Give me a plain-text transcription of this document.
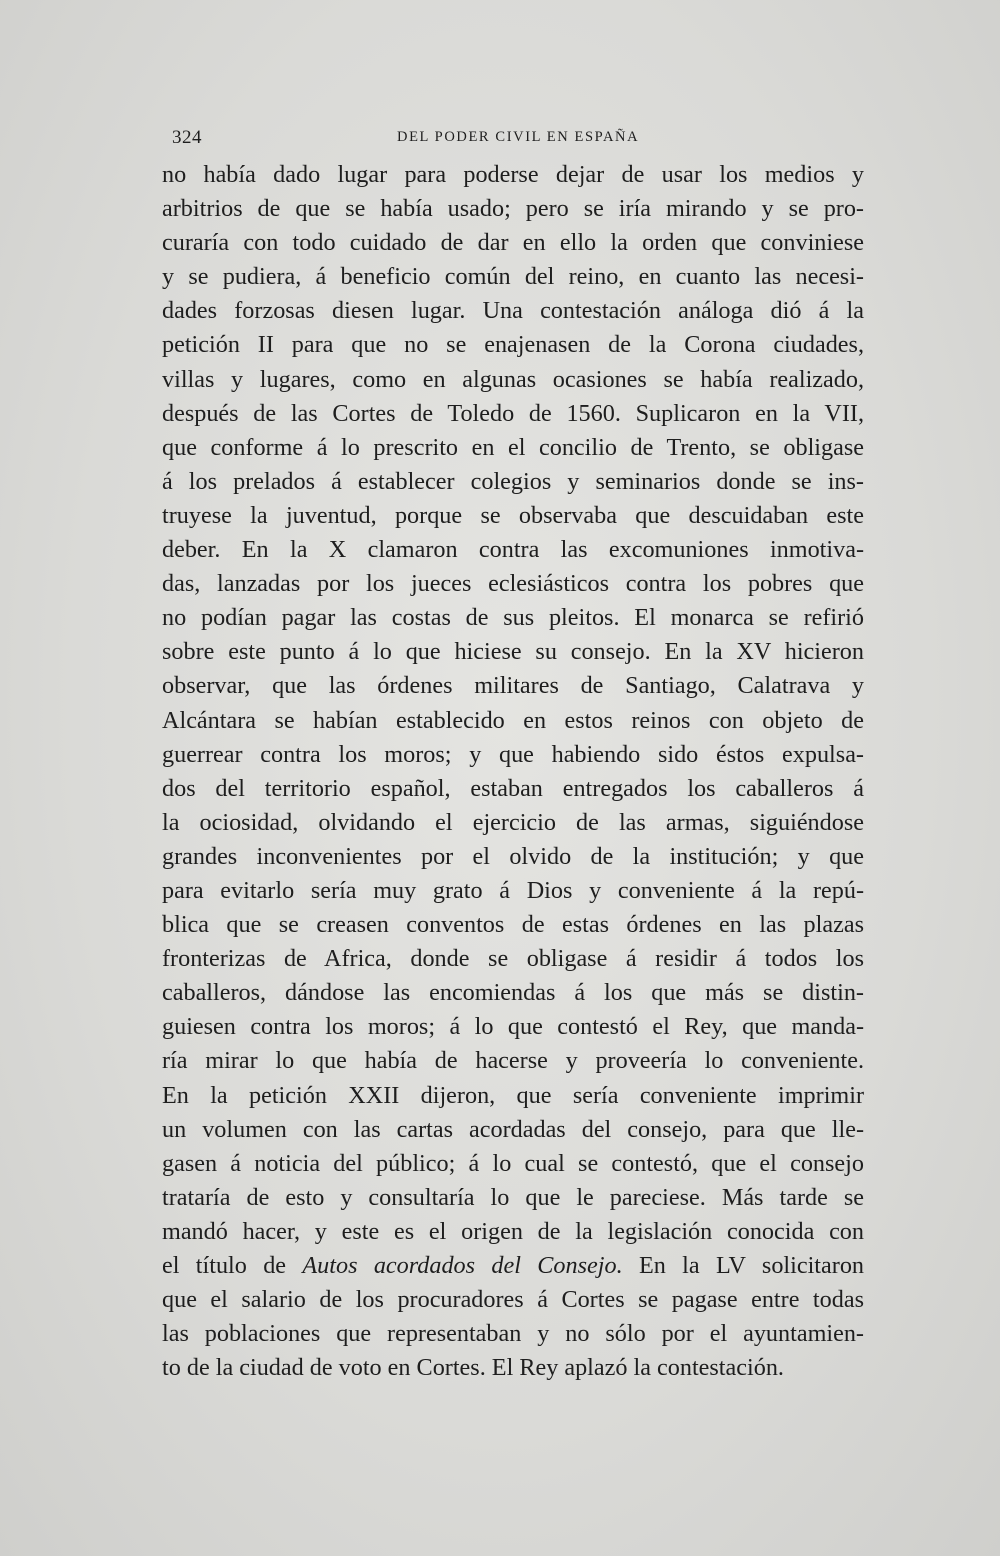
324	DEL PODER CIVIL EN ESPAÑA
no había dado lugar para poderse dejar de usar los medios y
arbitrios de que se había usado; pero se iría mirando y se pro-
curaría con todo cuidado de dar en ello la orden que conviniese
y se pudiera, á beneficio común del reino, en cuanto las necesi-
dades forzosas diesen lugar. Una contestación análoga dió á la
petición II para que no se enajenasen de la Corona ciudades,
villas y lugares, como en algunas ocasiones se había realizado,
después de las Cortes de Toledo de 1560. Suplicaron en la VII,
que conforme á lo prescrito en el concilio de Trento, se obligase
á los prelados á establecer colegios y seminarios donde se ins-
truyese la juventud, porque se observaba que descuidaban este
deber. En la X clamaron contra las excomuniones inmotiva-
das, lanzadas por los jueces eclesiásticos contra los pobres que
no podían pagar las costas de sus pleitos. El monarca se refirió
sobre este punto á lo que hiciese su consejo. En la XV hicieron
observar, que las órdenes militares de Santiago, Calatrava y
Alcántara se habían establecido en estos reinos con objeto de
guerrear contra los moros; y que habiendo sido éstos expulsa-
dos del territorio español, estaban entregados los caballeros á
la ociosidad, olvidando el ejercicio de las armas, siguiéndose
grandes inconvenientes por el olvido de la institución; y que
para evitarlo sería muy grato á Dios y conveniente á la repú-
blica que se creasen conventos de estas órdenes en las plazas
fronterizas de Africa, donde se obligase á residir á todos los
caballeros, dándose las encomiendas á los que más se distin-
guiesen contra los moros; á lo que contestó el Rey, que manda-
ría mirar lo que había de hacerse y proveería lo conveniente.
En la petición XXII dijeron, que sería conveniente imprimir
un volumen con las cartas acordadas del consejo, para que lle-
gasen á noticia del público; á lo cual se contestó, que el consejo
trataría de esto y consultaría lo que le pareciese. Más tarde se
mandó hacer, y este es el origen de la legislación conocida con
el título de Autos acordados del Consejo. En la LV solicitaron
que el salario de los procuradores á Cortes se pagase entre todas
las poblaciones que representaban y no sólo por el ayuntamien-
to de la ciudad de voto en Cortes. El Rey aplazó la contestación.
